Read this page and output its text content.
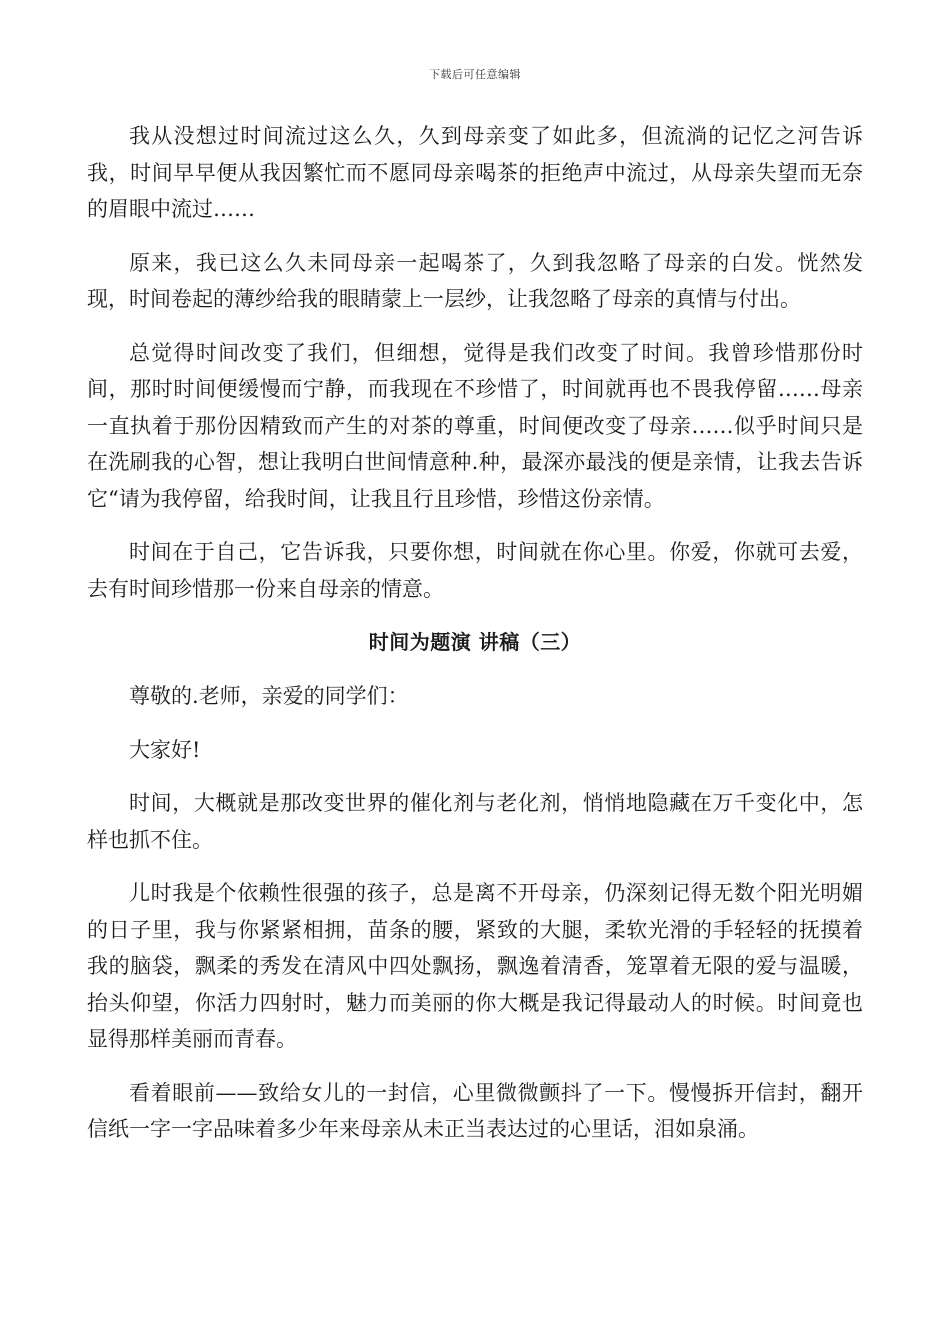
下载后可任意编辑

我从没想过时间流过这么久，久到母亲变了如此多，但流淌的记忆之河告诉我，时间早早便从我因繁忙而不愿同母亲喝茶的拒绝声中流过，从母亲失望而无奈的眉眼中流过……

原来，我已这么久未同母亲一起喝茶了，久到我忽略了母亲的白发。恍然发现，时间卷起的薄纱给我的眼睛蒙上一层纱，让我忽略了母亲的真情与付出。

总觉得时间改变了我们，但细想，觉得是我们改变了时间。我曾珍惜那份时间，那时时间便缓慢而宁静，而我现在不珍惜了，时间就再也不畏我停留……母亲一直执着于那份因精致而产生的对茶的尊重，时间便改变了母亲……似乎时间只是在洗刷我的心智，想让我明白世间情意种.种，最深亦最浅的便是亲情，让我去告诉它“请为我停留，给我时间，让我且行且珍惜，珍惜这份亲情。

时间在于自己，它告诉我，只要你想，时间就在你心里。你爱，你就可去爱，去有时间珍惜那一份来自母亲的情意。

时间为题演 讲稿（三）

尊敬的.老师，亲爱的同学们：

大家好!

时间，大概就是那改变世界的催化剂与老化剂，悄悄地隐藏在万千变化中，怎样也抓不住。

儿时我是个依赖性很强的孩子，总是离不开母亲，仍深刻记得无数个阳光明媚的日子里，我与你紧紧相拥，苗条的腰，紧致的大腿，柔软光滑的手轻轻的抚摸着我的脑袋，飘柔的秀发在清风中四处飘扬，飘逸着清香，笼罩着无限的爱与温暖，抬头仰望，你活力四射时，魅力而美丽的你大概是我记得最动人的时候。时间竟也显得那样美丽而青春。

看着眼前——致给女儿的一封信，心里微微颤抖了一下。慢慢拆开信封，翻开信纸一字一字品味着多少年来母亲从未正当表达过的心里话，泪如泉涌。
